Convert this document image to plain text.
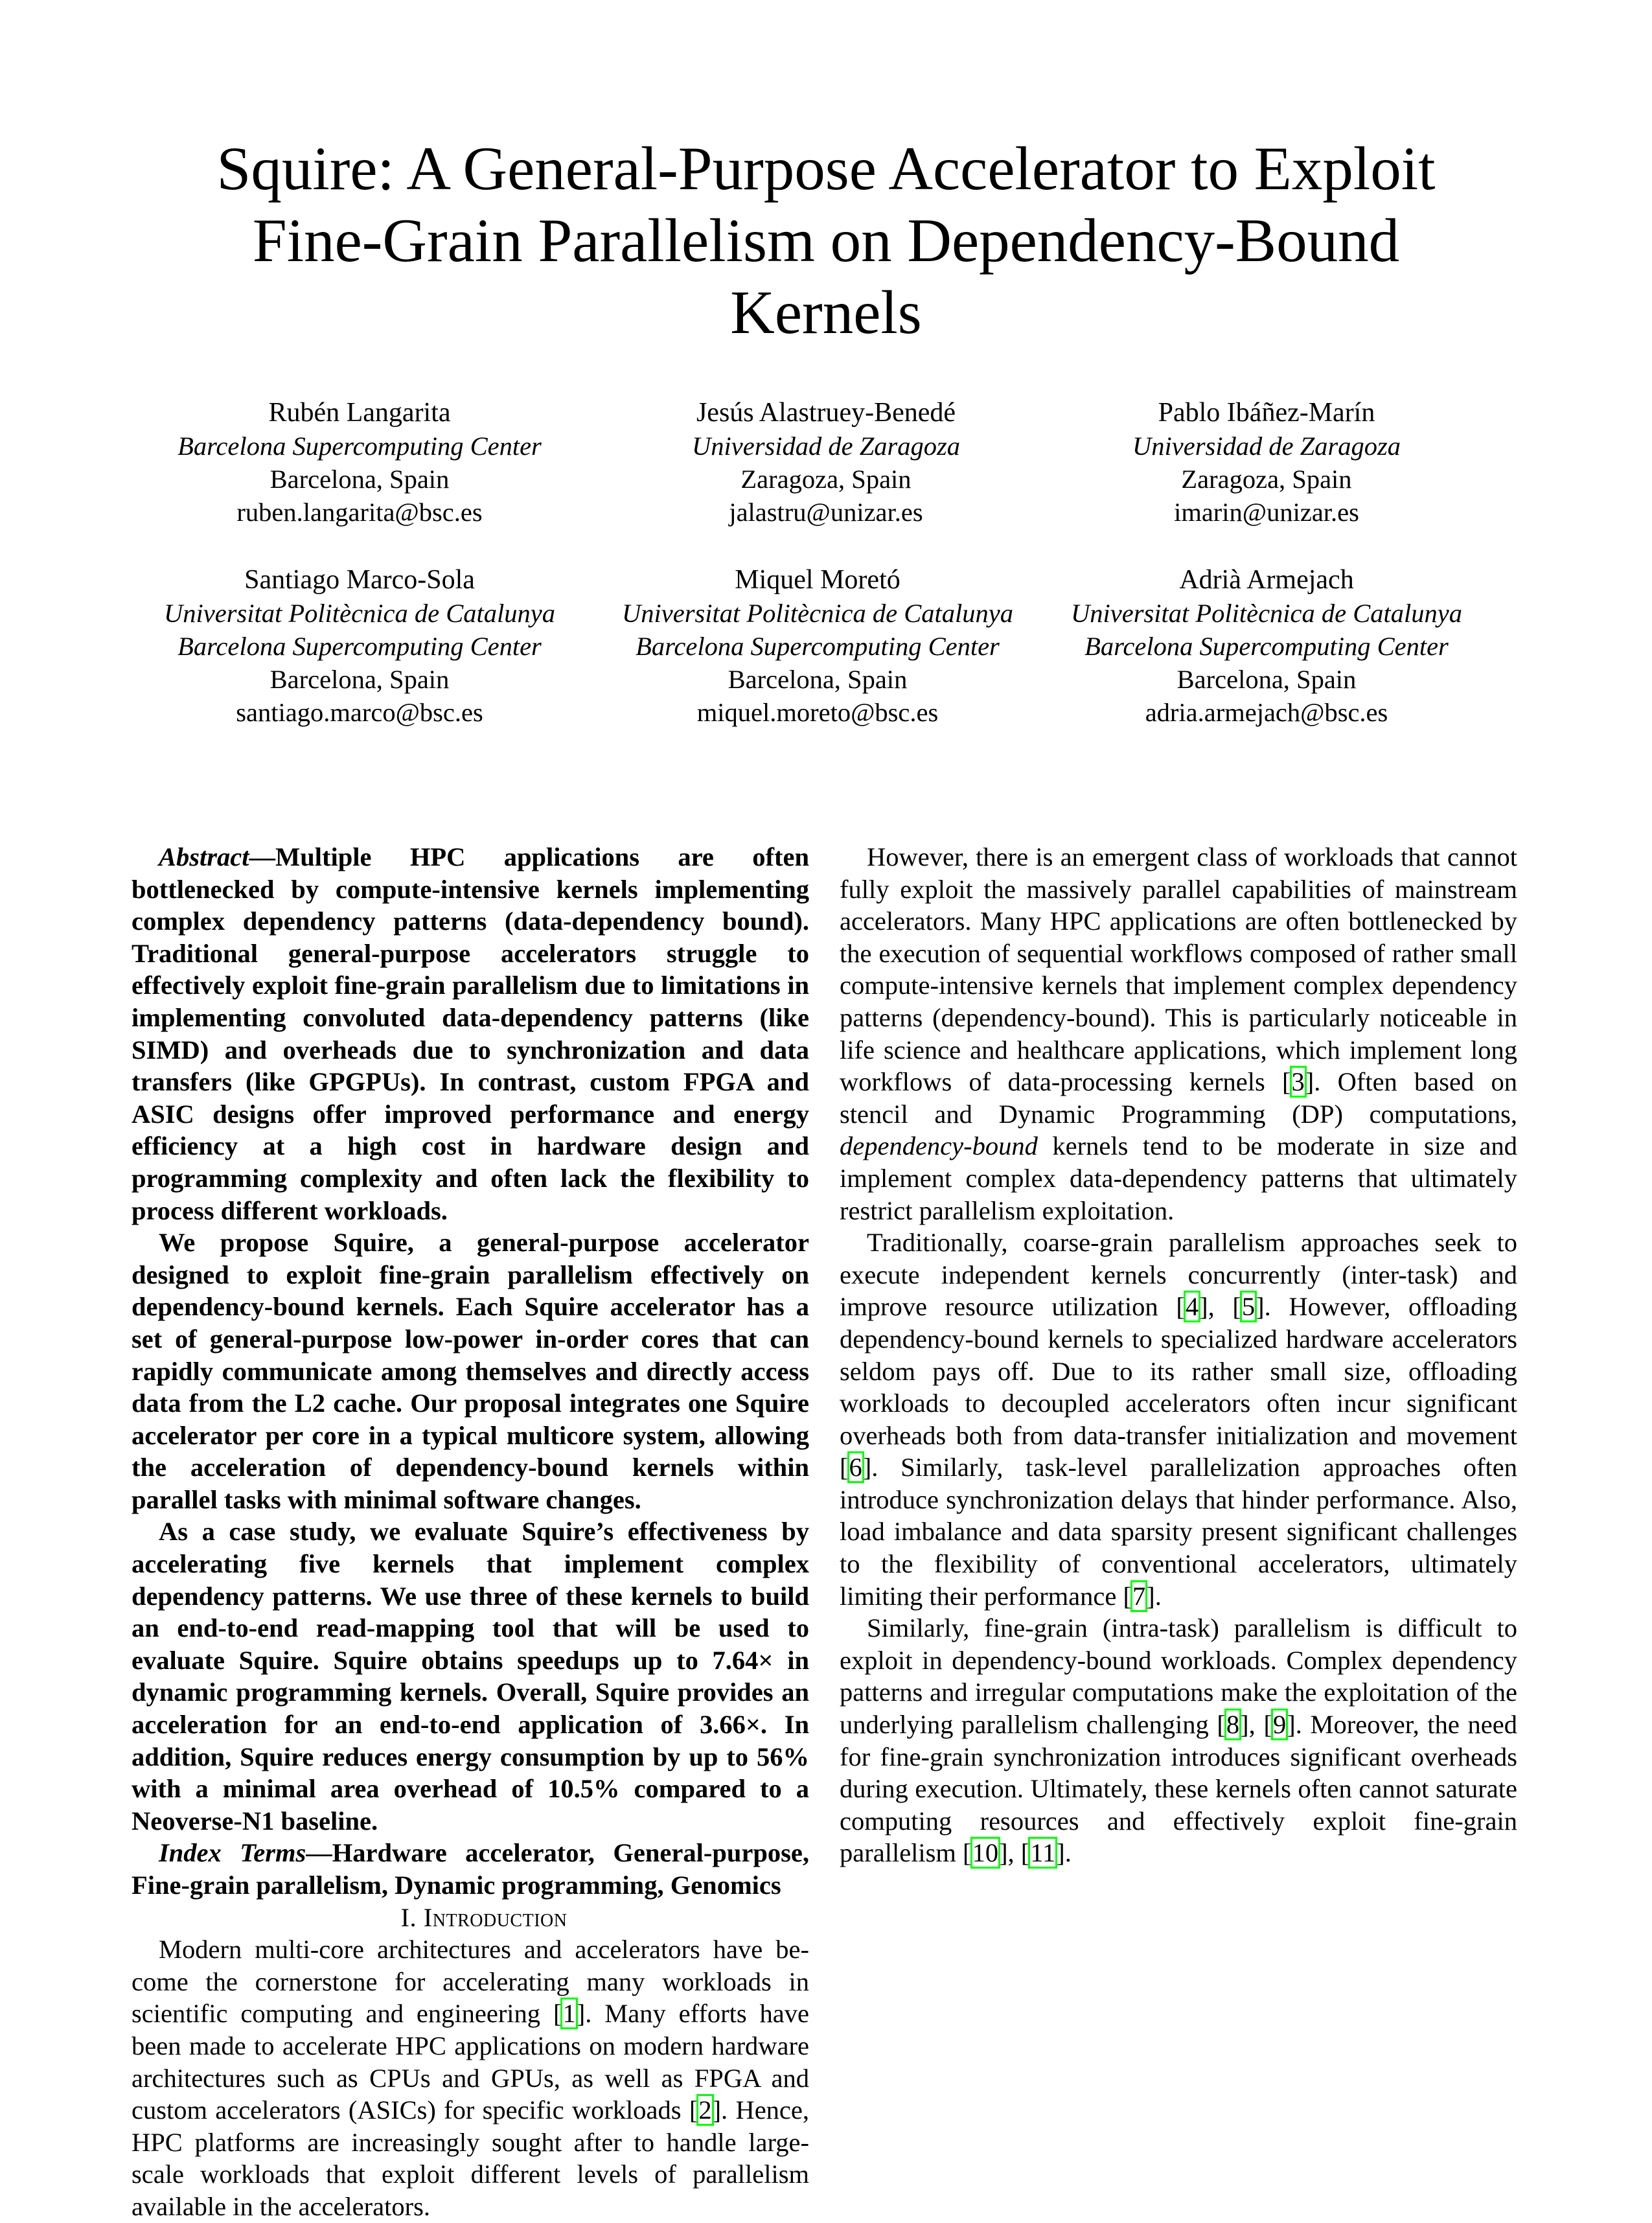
Squire: A General-Purpose Accelerator to Exploit
Fine-Grain Parallelism on Dependency-Bound
Kernels
Rubén Langarita
Barcelona Supercomputing Center
Barcelona, Spain
ruben.langarita@bsc.es
Jesús Alastruey-Benedé
Universidad de Zaragoza
Zaragoza, Spain
jalastru@unizar.es
Pablo Ibáñez-Marín
Universidad de Zaragoza
Zaragoza, Spain
imarin@unizar.es
Santiago Marco-Sola
Universitat Politècnica de Catalunya
Barcelona Supercomputing Center
Barcelona, Spain
santiago.marco@bsc.es
Miquel Moretó
Universitat Politècnica de Catalunya
Barcelona Supercomputing Center
Barcelona, Spain
miquel.moreto@bsc.es
Adrià Armejach
Universitat Politècnica de Catalunya
Barcelona Supercomputing Center
Barcelona, Spain
adria.armejach@bsc.es

Abstract—Multiple HPC applications are often bottlenecked by compute-intensive kernels implementing complex dependency patterns (data-dependency bound). Traditional general-purpose accelerators struggle to effectively exploit fine-grain parallelism due to limitations in implementing convoluted data-dependency patterns (like SIMD) and overheads due to synchronization and data transfers (like GPGPUs). In contrast, custom FPGA and ASIC designs offer improved performance and energy efficiency at a high cost in hardware design and programming complexity and often lack the flexibility to process different workloads.

We propose Squire, a general-purpose accelerator designed to exploit fine-grain parallelism effectively on dependency-bound kernels. Each Squire accelerator has a set of general-purpose low-power in-order cores that can rapidly communicate among themselves and directly access data from the L2 cache. Our proposal integrates one Squire accelerator per core in a typical multicore system, allowing the acceleration of dependency-bound kernels within parallel tasks with minimal software changes.

As a case study, we evaluate Squire’s effectiveness by accelerating five kernels that implement complex dependency patterns. We use three of these kernels to build an end-to-end read-mapping tool that will be used to evaluate Squire. Squire obtains speedups up to 7.64× in dynamic programming kernels. Overall, Squire provides an acceleration for an end-to-end application of 3.66×. In addition, Squire reduces energy consumption by up to 56% with a minimal area overhead of 10.5% compared to a Neoverse-N1 baseline.

Index Terms—Hardware accelerator, General-purpose, Fine-grain parallelism, Dynamic programming, Genomics

I. Introduction

Modern multi-core architectures and accelerators have become the cornerstone for accelerating many workloads in scientific computing and engineering [1]. Many efforts have been made to accelerate HPC applications on modern hardware architectures such as CPUs and GPUs, as well as FPGA and custom accelerators (ASICs) for specific workloads [2]. Hence, HPC platforms are increasingly sought after to handle large-scale workloads that exploit different levels of parallelism available in the accelerators.

However, there is an emergent class of workloads that cannot fully exploit the massively parallel capabilities of mainstream accelerators. Many HPC applications are often bottlenecked by the execution of sequential workflows composed of rather small compute-intensive kernels that implement complex dependency patterns (dependency-bound). This is particularly noticeable in life science and healthcare applications, which implement long workflows of data-processing kernels [3]. Often based on stencil and Dynamic Programming (DP) computations, dependency-bound kernels tend to be moderate in size and implement complex data-dependency patterns that ultimately restrict parallelism exploitation.

Traditionally, coarse-grain parallelism approaches seek to execute independent kernels concurrently (inter-task) and improve resource utilization [4], [5]. However, offloading dependency-bound kernels to specialized hardware accelerators seldom pays off. Due to its rather small size, offloading workloads to decoupled accelerators often incur significant overheads both from data-transfer initialization and movement [6]. Similarly, task-level parallelization approaches often introduce synchronization delays that hinder performance. Also, load imbalance and data sparsity present significant challenges to the flexibility of conventional accelerators, ultimately limiting their performance [7].

Similarly, fine-grain (intra-task) parallelism is difficult to exploit in dependency-bound workloads. Complex dependency patterns and irregular computations make the exploitation of the underlying parallelism challenging [8], [9]. Moreover, the need for fine-grain synchronization introduces significant overheads during execution. Ultimately, these kernels often cannot saturate computing resources and effectively exploit fine-grain parallelism [10], [11].
